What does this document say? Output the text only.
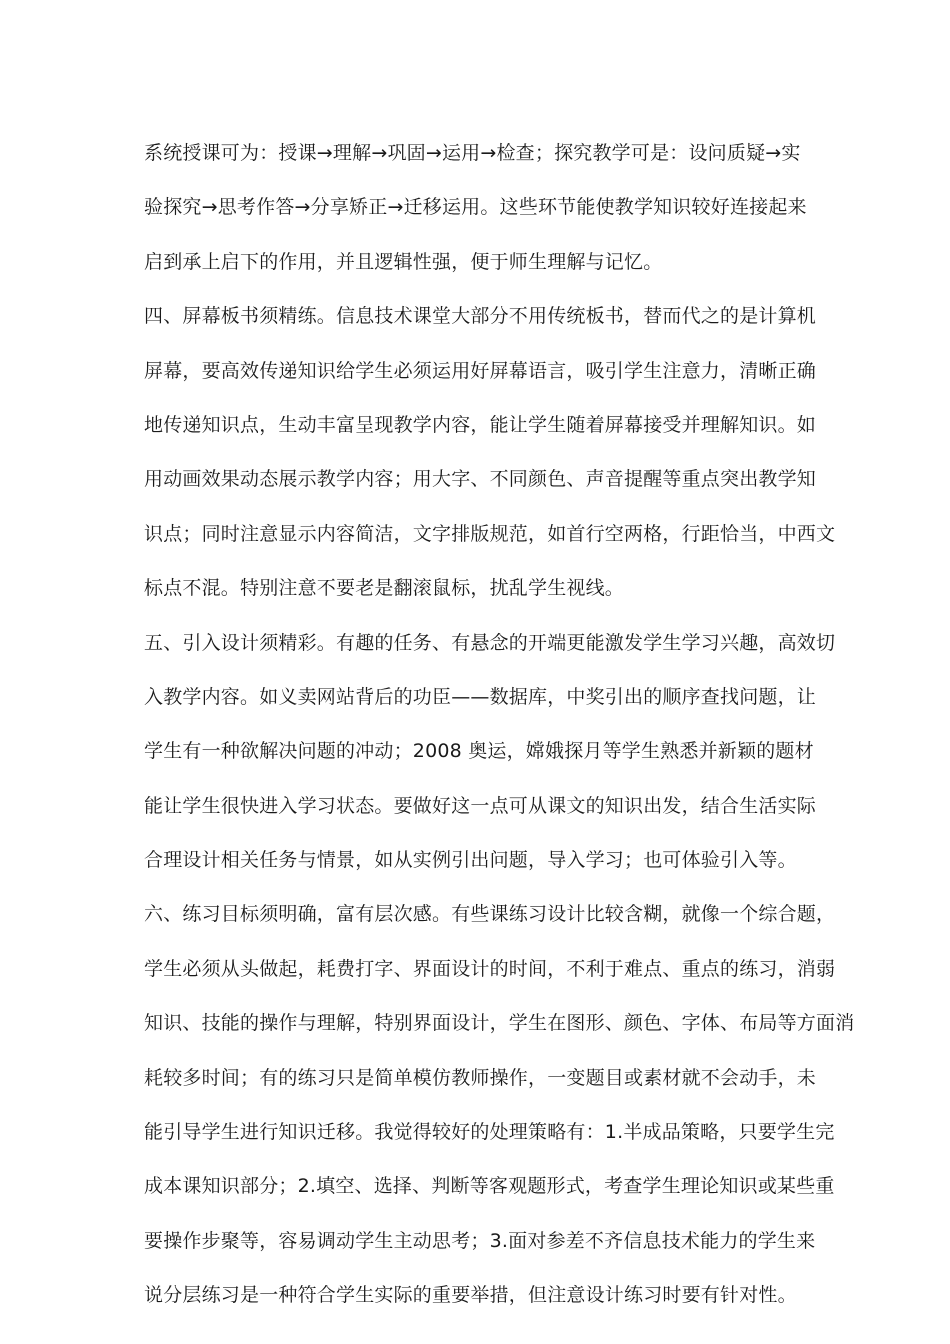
系统授课可为：授课→理解→巩固→运用→检查；探究教学可是：设问质疑→实
验探究→思考作答→分享矫正→迁移运用。这些环节能使教学知识较好连接起来
启到承上启下的作用，并且逻辑性强，便于师生理解与记忆。
四、屏幕板书须精练。信息技术课堂大部分不用传统板书，替而代之的是计算机
屏幕，要高效传递知识给学生必须运用好屏幕语言，吸引学生注意力，清晰正确
地传递知识点，生动丰富呈现教学内容，能让学生随着屏幕接受并理解知识。如
用动画效果动态展示教学内容；用大字、不同颜色、声音提醒等重点突出教学知
识点；同时注意显示内容简洁，文字排版规范，如首行空两格，行距恰当，中西文
标点不混。特别注意不要老是翻滚鼠标，扰乱学生视线。
五、引入设计须精彩。有趣的任务、有悬念的开端更能激发学生学习兴趣，高效切
入教学内容。如义卖网站背后的功臣——数据库，中奖引出的顺序查找问题，让
学生有一种欲解决问题的冲动；2008 奥运，嫦娥探月等学生熟悉并新颖的题材
能让学生很快进入学习状态。要做好这一点可从课文的知识出发，结合生活实际
合理设计相关任务与情景，如从实例引出问题，导入学习；也可体验引入等。
六、练习目标须明确，富有层次感。有些课练习设计比较含糊，就像一个综合题，
学生必须从头做起，耗费打字、界面设计的时间，不利于难点、重点的练习，消弱
知识、技能的操作与理解，特别界面设计，学生在图形、颜色、字体、布局等方面消
耗较多时间；有的练习只是简单模仿教师操作，一变题目或素材就不会动手，未
能引导学生进行知识迁移。我觉得较好的处理策略有：1.半成品策略，只要学生完
成本课知识部分；2.填空、选择、判断等客观题形式，考查学生理论知识或某些重
要操作步聚等，容易调动学生主动思考；3.面对参差不齐信息技术能力的学生来
说分层练习是一种符合学生实际的重要举措，但注意设计练习时要有针对性。
